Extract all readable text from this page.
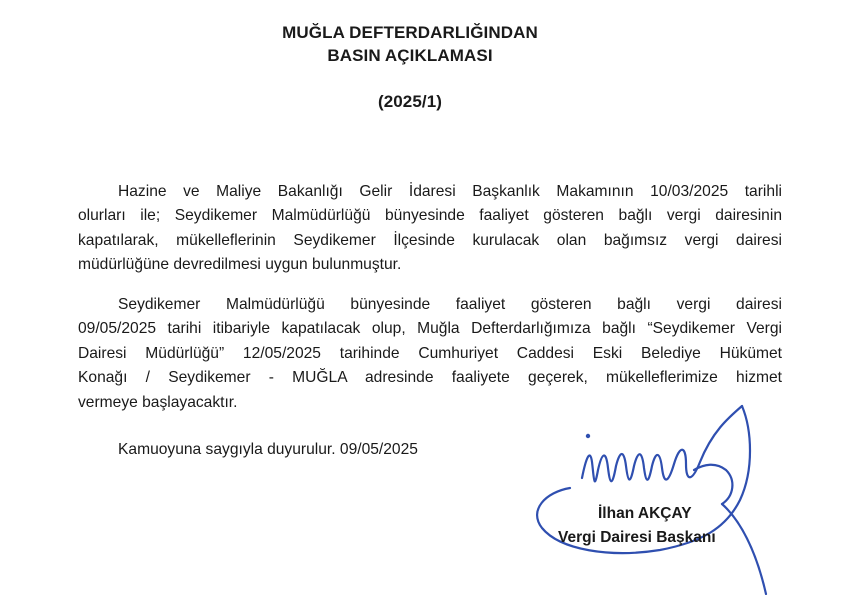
MUĞLA DEFTERDARLIĞINDAN
BASIN AÇIKLAMASI
(2025/1)
Hazine ve Maliye Bakanlığı Gelir İdaresi Başkanlık Makamının 10/03/2025 tarihli
olurları ile; Seydikemer Malmüdürlüğü bünyesinde faaliyet gösteren bağlı vergi dairesinin
kapatılarak, mükelleflerinin Seydikemer İlçesinde kurulacak olan bağımsız vergi dairesi
müdürlüğüne devredilmesi uygun bulunmuştur.
Seydikemer Malmüdürlüğü bünyesinde faaliyet gösteren bağlı vergi dairesi
09/05/2025 tarihi itibariyle kapatılacak olup, Muğla Defterdarlığımıza bağlı “Seydikemer Vergi
Dairesi Müdürlüğü” 12/05/2025 tarihinde Cumhuriyet Caddesi Eski Belediye Hükümet
Konağı / Seydikemer - MUĞLA adresinde faaliyete geçerek, mükelleflerimize hizmet
vermeye başlayacaktır.
Kamuoyuna saygıyla duyurulur. 09/05/2025
İlhan AKÇAY
Vergi Dairesi Başkanı
